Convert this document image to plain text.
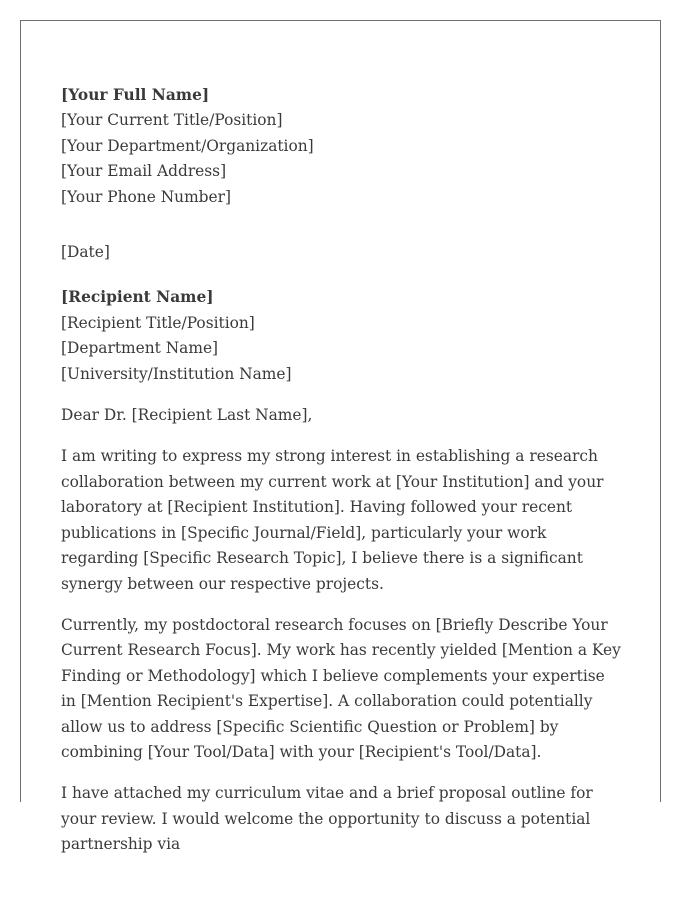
[Your Full Name]
[Your Current Title/Position]
[Your Department/Organization]
[Your Email Address]
[Your Phone Number]
[Date]
[Recipient Name]
[Recipient Title/Position]
[Department Name]
[University/Institution Name]

Dear Dr. [Recipient Last Name],

I am writing to express my strong interest in establishing a research collaboration between my current work at [Your Institution] and your laboratory at [Recipient Institution]. Having followed your recent publications in [Specific Journal/Field], particularly your work regarding [Specific Research Topic], I believe there is a significant synergy between our respective projects.

Currently, my postdoctoral research focuses on [Briefly Describe Your Current Research Focus]. My work has recently yielded [Mention a Key Finding or Methodology] which I believe complements your expertise in [Mention Recipient's Expertise]. A collaboration could potentially allow us to address [Specific Scientific Question or Problem] by combining [Your Tool/Data] with your [Recipient's Tool/Data].

I have attached my curriculum vitae and a brief proposal outline for your review. I would welcome the opportunity to discuss a potential partnership via
